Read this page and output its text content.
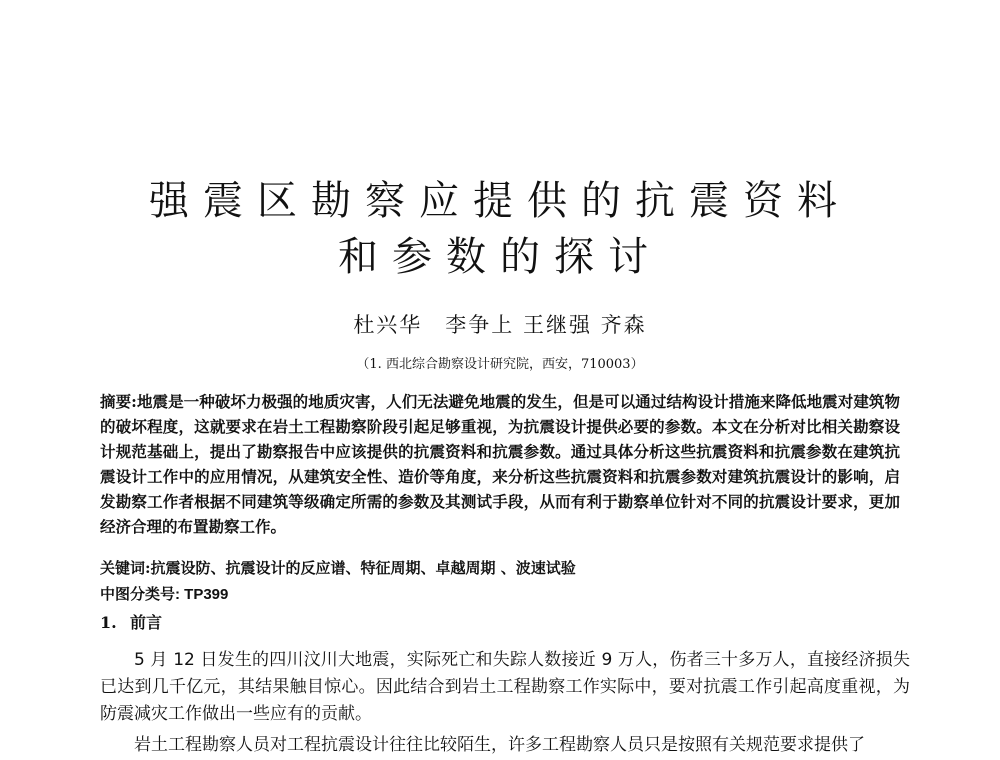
强震区勘察应提供的抗震资料
和参数的探讨
杜兴华　李争上 王继强 齐森
（1. 西北综合勘察设计研究院，西安，710003）
摘要:地震是一种破坏力极强的地质灾害，人们无法避免地震的发生，但是可以通过结构设计措施来降低地震对建筑物的破坏程度，这就要求在岩土工程勘察阶段引起足够重视，为抗震设计提供必要的参数。本文在分析对比相关勘察设计规范基础上，提出了勘察报告中应该提供的抗震资料和抗震参数。通过具体分析这些抗震资料和抗震参数在建筑抗震设计工作中的应用情况，从建筑安全性、造价等角度，来分析这些抗震资料和抗震参数对建筑抗震设计的影响，启发勘察工作者根据不同建筑等级确定所需的参数及其测试手段，从而有利于勘察单位针对不同的抗震设计要求，更加经济合理的布置勘察工作。
关键词:抗震设防、抗震设计的反应谱、特征周期、卓越周期 、波速试验
中图分类号: TP399
1. 前言
5 月 12 日发生的四川汶川大地震，实际死亡和失踪人数接近 9 万人，伤者三十多万人，直接经济损失已达到几千亿元，其结果触目惊心。因此结合到岩土工程勘察工作实际中，要对抗震工作引起高度重视，为防震减灾工作做出一些应有的贡献。
岩土工程勘察人员对工程抗震设计往往比较陌生，许多工程勘察人员只是按照有关规范要求提供了
